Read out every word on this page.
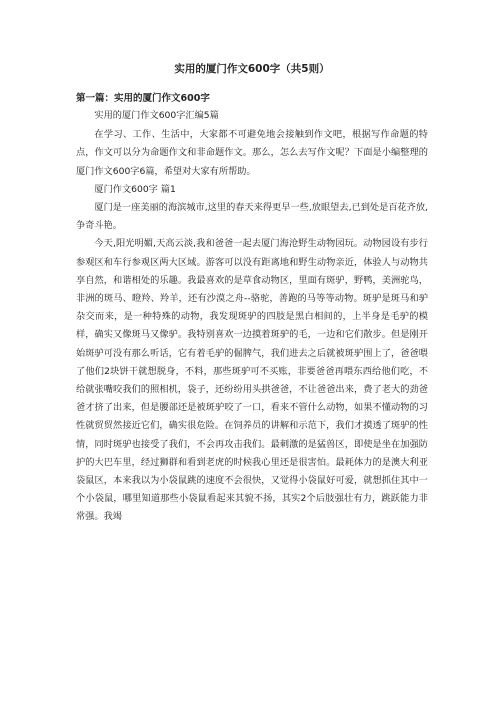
实用的厦门作文600字（共5则）
第一篇：实用的厦门作文600字

实用的厦门作文600字汇编5篇

在学习、工作、生活中，大家都不可避免地会接触到作文吧，根据写作命题的特点，作文可以分为命题作文和非命题作文。那么，怎么去写作文呢？下面是小编整理的厦门作文600字6篇，希望对大家有所帮助。

厦门作文600字 篇1

厦门是一座美丽的海滨城市,这里的春天来得更早一些,放眼望去,已到处是百花齐放,争奇斗艳。

今天,阳光明媚,天高云淡,我和爸爸一起去厦门海沧野生动物园玩。动物园设有步行参观区和车行参观区两大区域。游客可以没有距离地和野生动物亲近，体验人与动物共享自然，和谐相处的乐趣。我最喜欢的是草食动物区，里面有斑驴，野鸭，美洲驼鸟，非洲的斑马、瞪羚、羚羊，还有沙漠之舟--骆驼，善跑的马等等动物。斑驴是斑马和驴杂交而来，是一种特殊的动物，我发现斑驴的四肢是黑白相间的，上半身是毛驴的模样，确实又像斑马又像驴。我特别喜欢一边摸着斑驴的毛，一边和它们散步。但是刚开始斑驴可没有那么听话，它有着毛驴的倔脾气，我们进去之后就被斑驴围上了，爸爸喂了他们2块饼干就想脱身，不料，那些斑驴可不买账，非要爸爸再喂东西给他们吃，不给就张嘴咬我们的照相机，袋子，还纷纷用头拱爸爸，不让爸爸出来，费了老大的劲爸爸才挤了出来，但是腰部还是被斑驴咬了一口，看来不管什么动物，如果不懂动物的习性就贸贸然接近它们，确实很危险。在饲养员的讲解和示范下，我们才摸透了斑驴的性情，同时斑驴也接受了我们，不会再攻击我们。最刺激的是猛兽区，即使是坐在加强防护的大巴车里，经过狮群和看到老虎的时候我心里还是很害怕。最耗体力的是澳大利亚袋鼠区，本来我以为小袋鼠跳的速度不会很快，又觉得小袋鼠好可爱，就想抓住其中一个小袋鼠，哪里知道那些小袋鼠看起来其貌不扬，其实2个后肢强壮有力，跳跃能力非常强。我竭
